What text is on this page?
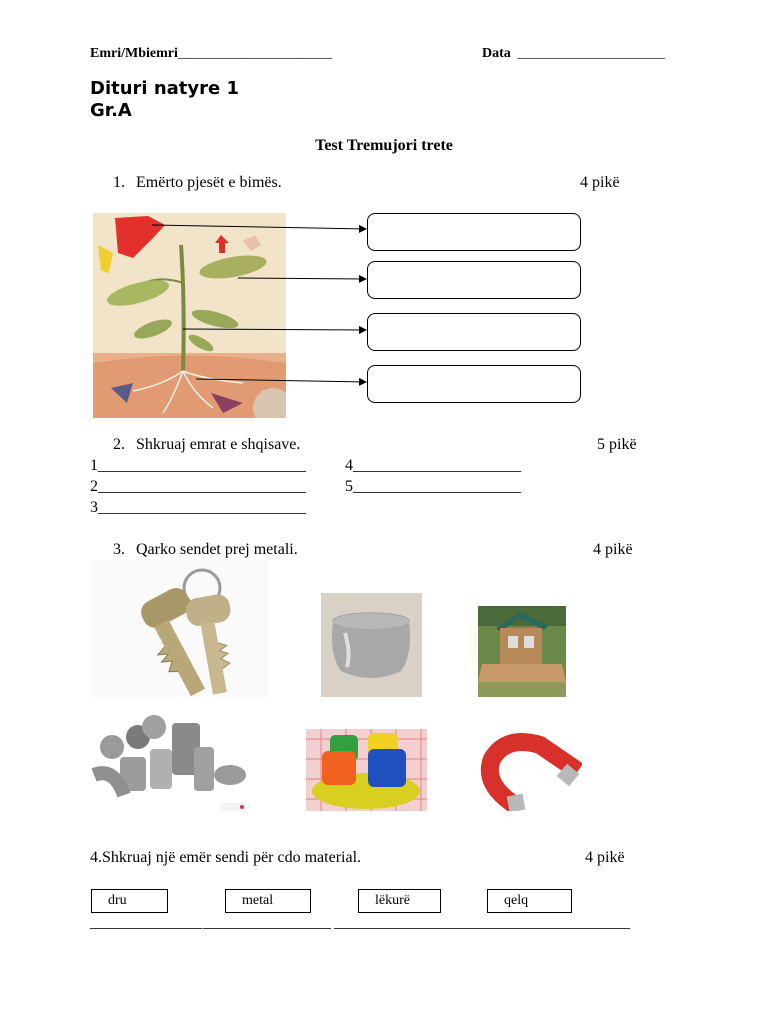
Emri/Mbiemri______________________	Data _____________________
Dituri natyre 1
Gr.A
Test Tremujori trete
1. Emërto pjesët e bimës.	4 pikë
2. Shkruaj emrat e shqisave.	5 pikë
1__________________________
2__________________________
3__________________________
4_____________________
5_____________________
3. Qarko sendet prej metali.	4 pikë
4.Shkruaj një emër sendi për cdo material.	4 pikë
dru	metal	lëkurë	qelq
______________ ________________ _________________ ____________________
